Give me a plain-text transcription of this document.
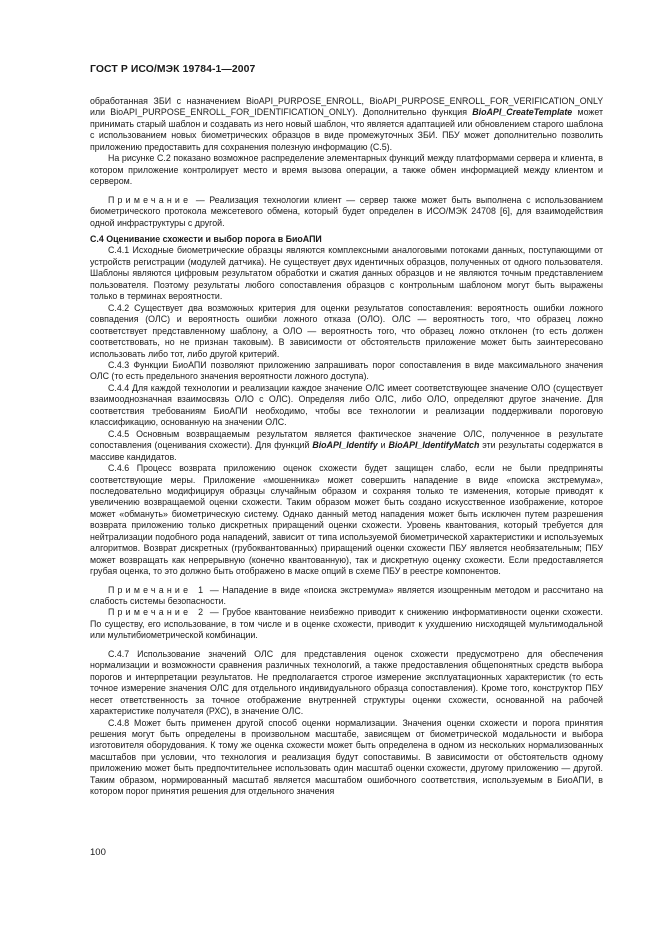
ГОСТ Р ИСО/МЭК 19784-1—2007

обработанная ЗБИ с назначением BioAPI_PURPOSE_ENROLL, BioAPI_PURPOSE_ENROLL_FOR_VERIFICATION_ONLY или BioAPI_PURPOSE_ENROLL_FOR_IDENTIFICATION_ONLY). Дополнительно функция BioAPI_CreateTemplate может принимать старый шаблон и создавать из него новый шаблон, что является адаптацией или обновлением старого шаблона с использованием новых биометрических образцов в виде промежуточных ЗБИ. ПБУ может дополнительно позволить приложению предоставить для сохранения полезную информацию (С.5).

На рисунке С.2 показано возможное распределение элементарных функций между платформами сервера и клиента, в котором приложение контролирует место и время вызова операции, а также обмен информацией между клиентом и сервером.

Примечание — Реализация технологии клиент — сервер также может быть выполнена с использованием биометрического протокола межсетевого обмена, который будет определен в ИСО/МЭК 24708 [6], для взаимодействия одной инфраструктуры с другой.

С.4 Оценивание схожести и выбор порога в БиоАПИ

С.4.1 Исходные биометрические образцы являются комплексными аналоговыми потоками данных, поступающими от устройств регистрации (модулей датчика). Не существует двух идентичных образцов, полученных от одного пользователя. Шаблоны являются цифровым результатом обработки и сжатия данных образцов и не являются точным представлением пользователя. Поэтому результаты любого сопоставления образцов с контрольным шаблоном могут быть выражены только в терминах вероятности.

С.4.2 Существует два возможных критерия для оценки результатов сопоставления: вероятность ошибки ложного совпадения (ОЛС) и вероятность ошибки ложного отказа (ОЛО). ОЛС — вероятность того, что образец ложно соответствует представленному шаблону, а ОЛО — вероятность того, что образец ложно отклонен (то есть должен соответствовать, но не признан таковым). В зависимости от обстоятельств приложение может быть заинтересовано использовать либо тот, либо другой критерий.

С.4.3 Функции БиоАПИ позволяют приложению запрашивать порог сопоставления в виде максимального значения ОЛС (то есть предельного значения вероятности ложного доступа).

С.4.4 Для каждой технологии и реализации каждое значение ОЛС имеет соответствующее значение ОЛО (существует взаимооднозначная взаимосвязь ОЛО с ОЛС). Определяя либо ОЛС, либо ОЛО, определяют другое значение. Для соответствия требованиям БиоАПИ необходимо, чтобы все технологии и реализации поддерживали пороговую классификацию, основанную на значении ОЛС.

С.4.5 Основным возвращаемым результатом является фактическое значение ОЛС, полученное в результате сопоставления (оценивания схожести). Для функций BioAPI_Identify и BioAPI_IdentifyMatch эти результаты содержатся в массиве кандидатов.

С.4.6 Процесс возврата приложению оценок схожести будет защищен слабо, если не были предприняты соответствующие меры. Приложение «мошенника» может совершить нападение в виде «поиска экстремума», последовательно модифицируя образцы случайным образом и сохраняя только те изменения, которые приводят к увеличению возвращаемой оценки схожести. Таким образом может быть создано искусственное изображение, которое может «обмануть» биометрическую систему. Однако данный метод нападения может быть исключен путем разрешения возврата приложению только дискретных приращений оценки схожести. Уровень квантования, который требуется для нейтрализации подобного рода нападений, зависит от типа используемой биометрической характеристики и используемых алгоритмов. Возврат дискретных (грубоквантованных) приращений оценки схожести ПБУ является необязательным; ПБУ может возвращать как непрерывную (конечно квантованную), так и дискретную оценку схожести. Если предоставляется грубая оценка, то это должно быть отображено в маске опций в схеме ПБУ в реестре компонентов.

Примечание 1 — Нападение в виде «поиска экстремума» является изощренным методом и рассчитано на слабость системы безопасности.

Примечание 2 — Грубое квантование неизбежно приводит к снижению информативности оценки схожести. По существу, его использование, в том числе и в оценке схожести, приводит к ухудшению нисходящей мультимодальной или мультибиометрической комбинации.

С.4.7 Использование значений ОЛС для представления оценок схожести предусмотрено для обеспечения нормализации и возможности сравнения различных технологий, а также предоставления общепонятных средств выбора порогов и интерпретации результатов. Не предполагается строгое измерение эксплуатационных характеристик (то есть точное измерение значения ОЛС для отдельного индивидуального образца сопоставления). Кроме того, конструктор ПБУ несет ответственность за точное отображение внутренней структуры оценки схожести, основанной на рабочей характеристике получателя (РХС), в значение ОЛС.

С.4.8 Может быть применен другой способ оценки нормализации. Значения оценки схожести и порога принятия решения могут быть определены в произвольном масштабе, зависящем от биометрической модальности и выбора изготовителя оборудования. К тому же оценка схожести может быть определена в одном из нескольких нормализованных масштабов при условии, что технология и реализация будут сопоставимы. В зависимости от обстоятельств одному приложению может быть предпочтительнее использовать один масштаб оценки схожести, другому приложению — другой. Таким образом, нормированный масштаб является масштабом ошибочного соответствия, используемым в БиоАПИ, в котором порог принятия решения для отдельного значения

100
